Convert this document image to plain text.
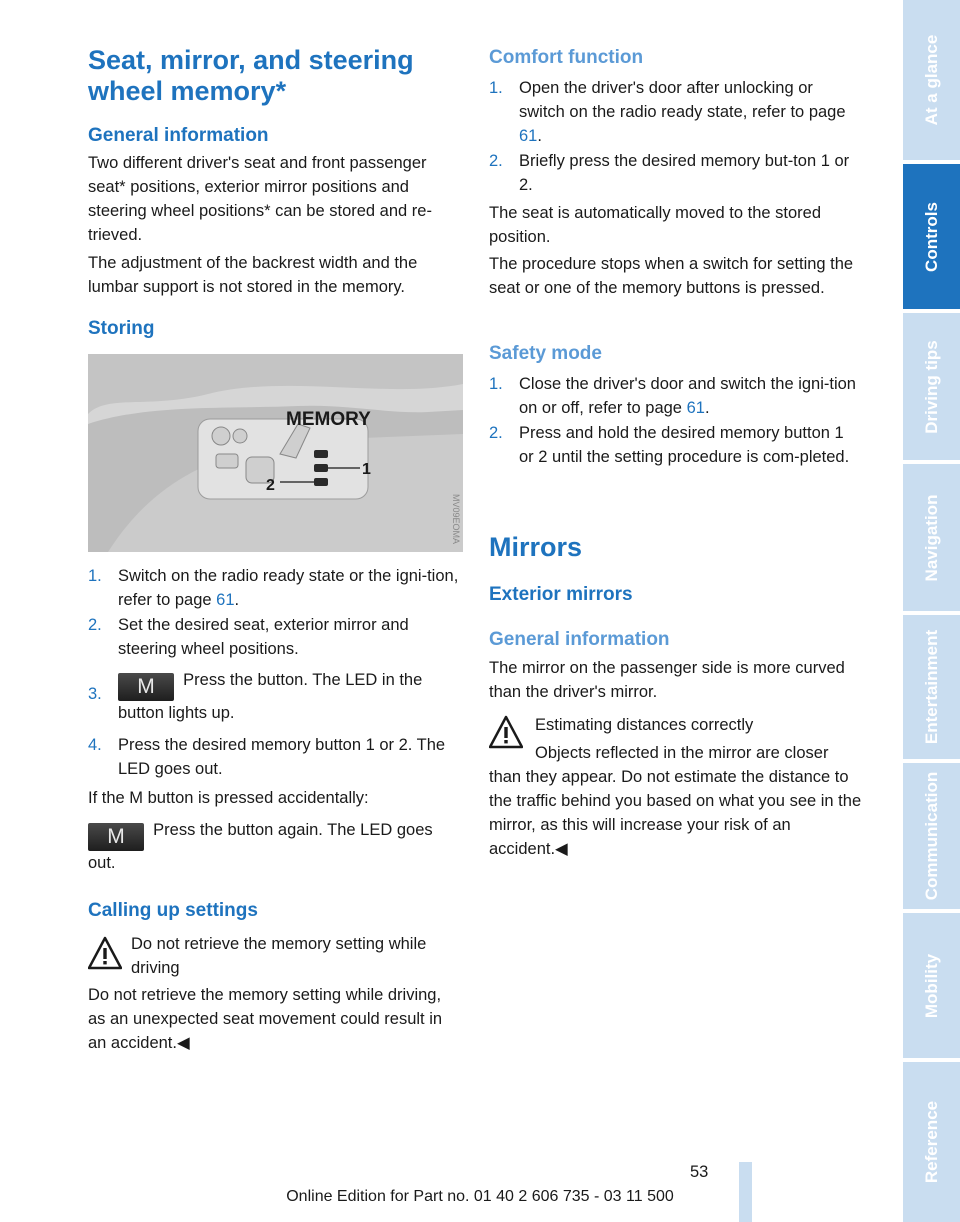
Seat, mirror, and steering wheel memory*
General information
Two different driver's seat and front passenger seat* positions, exterior mirror positions and steering wheel positions* can be stored and re-trieved.
The adjustment of the backrest width and the lumbar support is not stored in the memory.
Storing
MEMORY
1
2
MV09EOMA
1. Switch on the radio ready state or the igni-tion, refer to page 61.
2. Set the desired seat, exterior mirror and steering wheel positions.
3.	M Press the button. The LED in the button lights up.
4. Press the desired memory button 1 or 2. The LED goes out.
If the M button is pressed accidentally:
M Press the button again. The LED goes out.
Calling up settings
Do not retrieve the memory setting while driving
Do not retrieve the memory setting while driving, as an unexpected seat movement could result in an accident.◀
Comfort function
1. Open the driver's door after unlocking or switch on the radio ready state, refer to page 61.
2. Briefly press the desired memory but-ton 1 or 2.
The seat is automatically moved to the stored position.
The procedure stops when a switch for setting the seat or one of the memory buttons is pressed.
Safety mode
1. Close the driver's door and switch the igni-tion on or off, refer to page 61.
2. Press and hold the desired memory button 1 or 2 until the setting procedure is com-pleted.
Mirrors
Exterior mirrors
General information
The mirror on the passenger side is more curved than the driver's mirror.
Estimating distances correctly
Objects reflected in the mirror are closer than they appear. Do not estimate the distance to the traffic behind you based on what you see in the mirror, as this will increase your risk of an accident.◀
At a glance
Controls
Driving tips
Navigation
Entertainment
Communication
Mobility
Reference
53
Online Edition for Part no. 01 40 2 606 735 - 03 11 500
